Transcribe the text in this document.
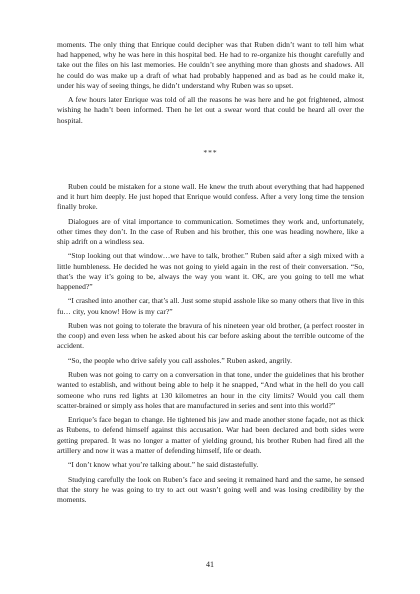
moments. The only thing that Enrique could decipher was that Ruben didn’t want to tell him what had happened, why he was here in this hospital bed. He had to re-organize his thought carefully and take out the files on his last memories. He couldn’t see anything more than ghosts and shadows. All he could do was make up a draft of what had probably happened and as bad as he could make it, under his way of seeing things, he didn’t understand why Ruben was so upset.

A few hours later Enrique was told of all the reasons he was here and he got frightened, almost wishing he hadn’t been informed. Then he let out a swear word that could be heard all over the hospital.

***

Ruben could be mistaken for a stone wall. He knew the truth about everything that had happened and it hurt him deeply. He just hoped that Enrique would confess. After a very long time the tension finally broke.

Dialogues are of vital importance to communication. Sometimes they work and, unfortunately, other times they don’t. In the case of Ruben and his brother, this one was heading nowhere, like a ship adrift on a windless sea.

“Stop looking out that window…we have to talk, brother.” Ruben said after a sigh mixed with a little humbleness. He decided he was not going to yield again in the rest of their conversation. “So, that’s the way it’s going to be, always the way you want it. OK, are you going to tell me what happened?”

“I crashed into another car, that’s all. Just some stupid asshole like so many others that live in this fu… city, you know! How is my car?”

Ruben was not going to tolerate the bravura of his nineteen year old brother, (a perfect rooster in the coop) and even less when he asked about his car before asking about the terrible outcome of the accident.

“So, the people who drive safely you call assholes.” Ruben asked, angrily.

Ruben was not going to carry on a conversation in that tone, under the guidelines that his brother wanted to establish, and without being able to help it he snapped, “And what in the hell do you call someone who runs red lights at 130 kilometres an hour in the city limits? Would you call them scatter-brained or simply ass holes that are manufactured in series and sent into this world?”

Enrique’s face began to change. He tightened his jaw and made another stone façade, not as thick as Rubens, to defend himself against this accusation. War had been declared and both sides were getting prepared. It was no longer a matter of yielding ground, his brother Ruben had fired all the artillery and now it was a matter of defending himself, life or death.

“I don’t know what you’re talking about.” he said distastefully.

Studying carefully the look on Ruben’s face and seeing it remained hard and the same, he sensed that the story he was going to try to act out wasn’t going well and was losing credibility by the moments.

41
